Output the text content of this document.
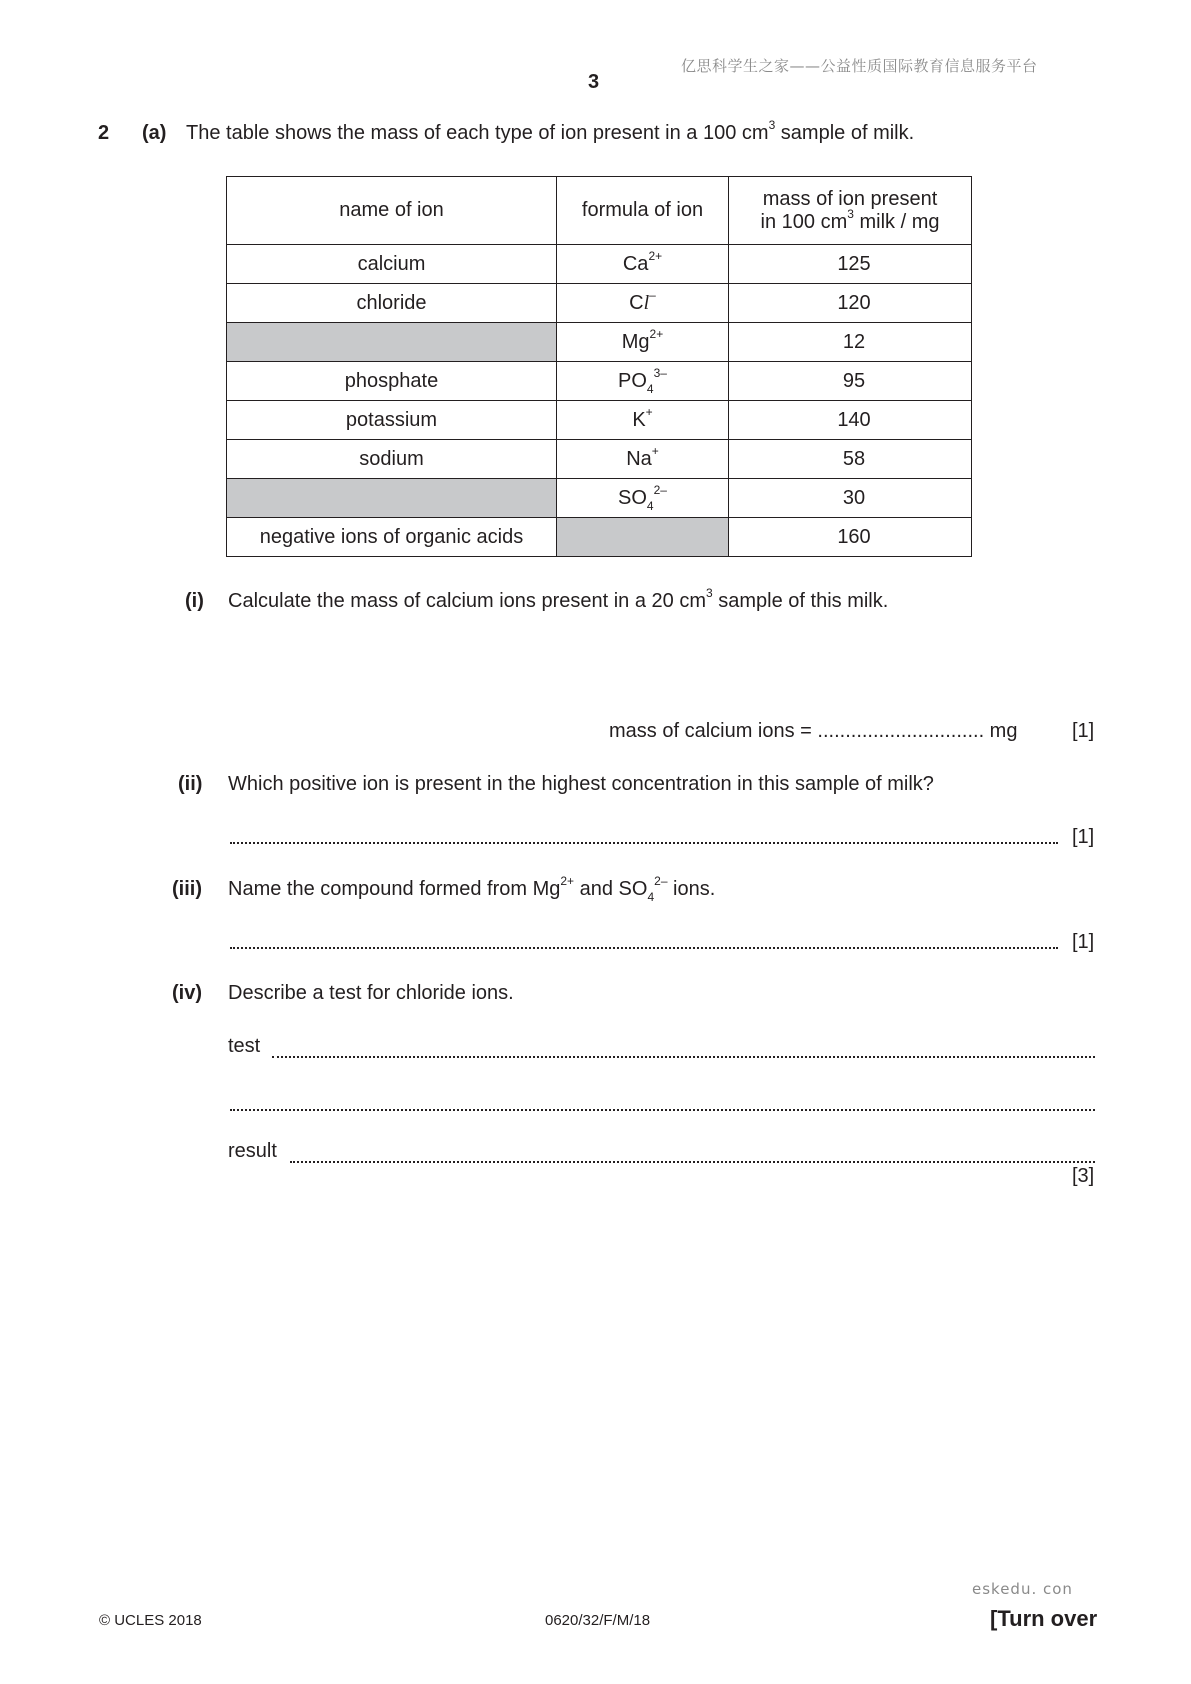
亿思科学生之家——公益性质国际教育信息服务平台
3
2 (a) The table shows the mass of each type of ion present in a 100 $cm^3$ sample of milk.
name of ion	formula of ion	mass of ion present
in 100 $cm^3$ milk / mg

calcium	$Ca^{2+}$	125
chloride	Cl–	120
	$Mg^{2+}$	12
phosphate	$PO_4^{3-}$	95
potassium	K+	140
sodium	Na+	58
	$SO_4^{2-}$	30
negative ions of organic acids		160
(i) Calculate the mass of calcium ions present in a 20 $cm^3$ sample of this milk.
mass of calcium ions = .............................. mg	[1]
(ii) Which positive ion is present in the highest concentration in this sample of milk?
[1]
(iii) Name the compound formed from $Mg^{2+}$ and $SO_4^{2-}$ ions.
[1]
(iv) Describe a test for chloride ions.
test
result
[3]
eskedu. con
© UCLES 2018	0620/32/F/M/18	[Turn over
